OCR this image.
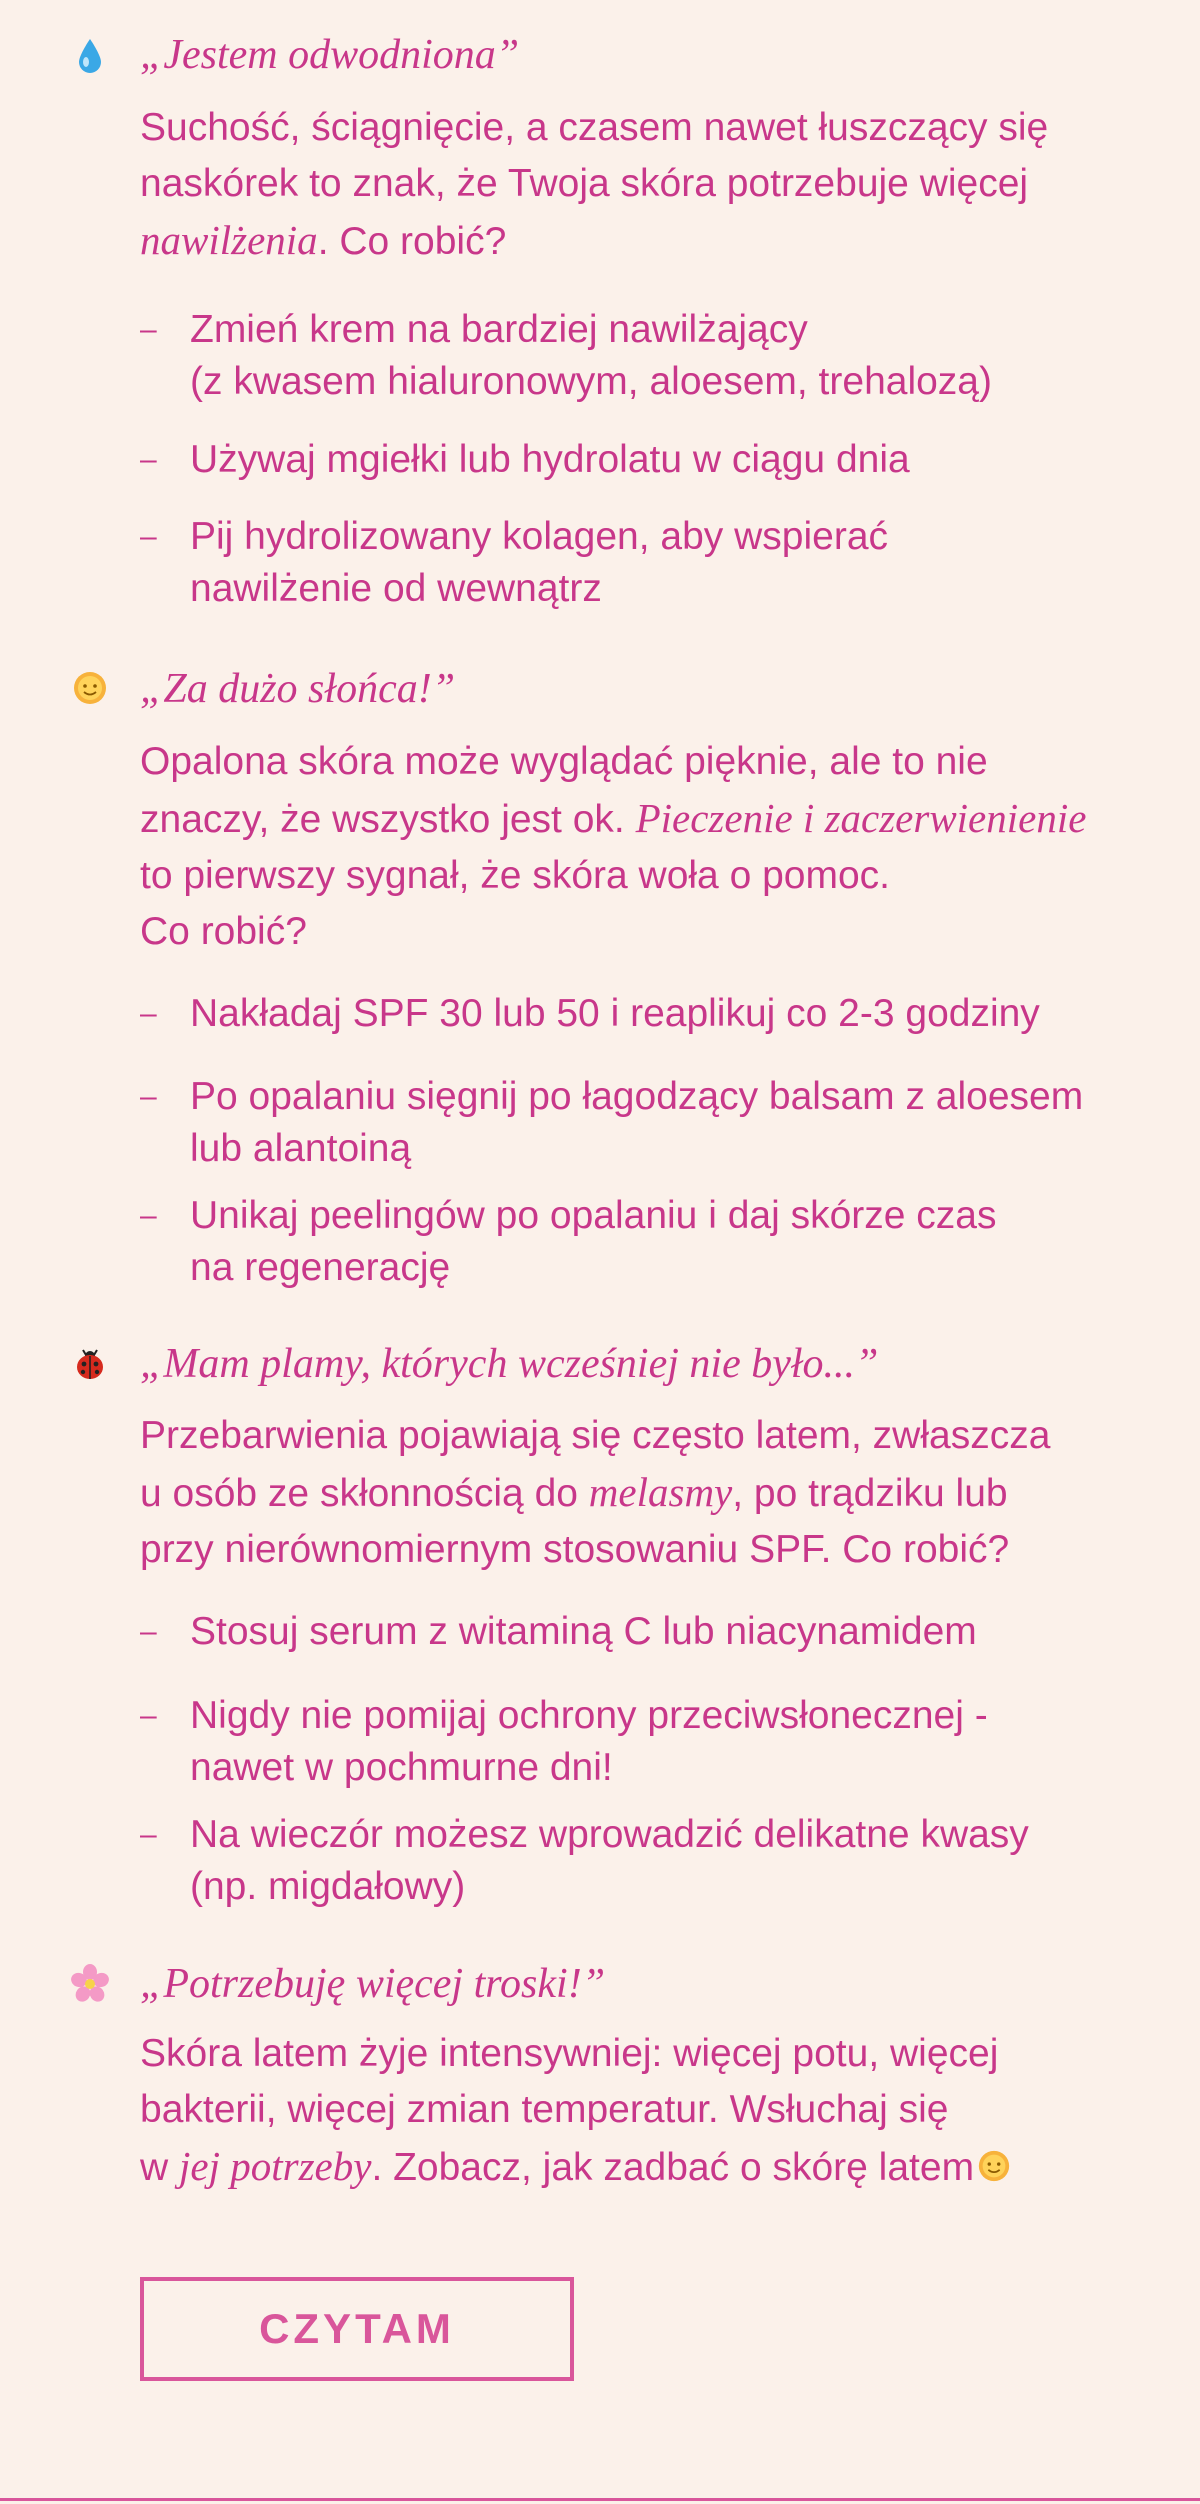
„Jestem odwodniona”
Suchość, ściągnięcie, a czasem nawet łuszczący się
naskórek to znak, że Twoja skóra potrzebuje więcej
nawilżenia. Co robić?
– Zmień krem na bardziej nawilżający
(z kwasem hialuronowym, aloesem, trehalozą)
– Używaj mgiełki lub hydrolatu w ciągu dnia
– Pij hydrolizowany kolagen, aby wspierać
nawilżenie od wewnątrz
„Za dużo słońca!”
Opalona skóra może wyglądać pięknie, ale to nie
znaczy, że wszystko jest ok. Pieczenie i zaczerwienienie
to pierwszy sygnał, że skóra woła o pomoc.
Co robić?
– Nakładaj SPF 30 lub 50 i reaplikuj co 2-3 godziny
– Po opalaniu sięgnij po łagodzący balsam z aloesem
lub alantoiną
– Unikaj peelingów po opalaniu i daj skórze czas
na regenerację
„Mam plamy, których wcześniej nie było...”
Przebarwienia pojawiają się często latem, zwłaszcza
u osób ze skłonnością do melasmy, po trądziku lub
przy nierównomiernym stosowaniu SPF. Co robić?
– Stosuj serum z witaminą C lub niacynamidem
– Nigdy nie pomijaj ochrony przeciwsłonecznej -
nawet w pochmurne dni!
– Na wieczór możesz wprowadzić delikatne kwasy
(np. migdałowy)
„Potrzebuję więcej troski!”
Skóra latem żyje intensywniej: więcej potu, więcej
bakterii, więcej zmian temperatur. Wsłuchaj się
w jej potrzeby. Zobacz, jak zadbać o skórę latem
CZYTAM
